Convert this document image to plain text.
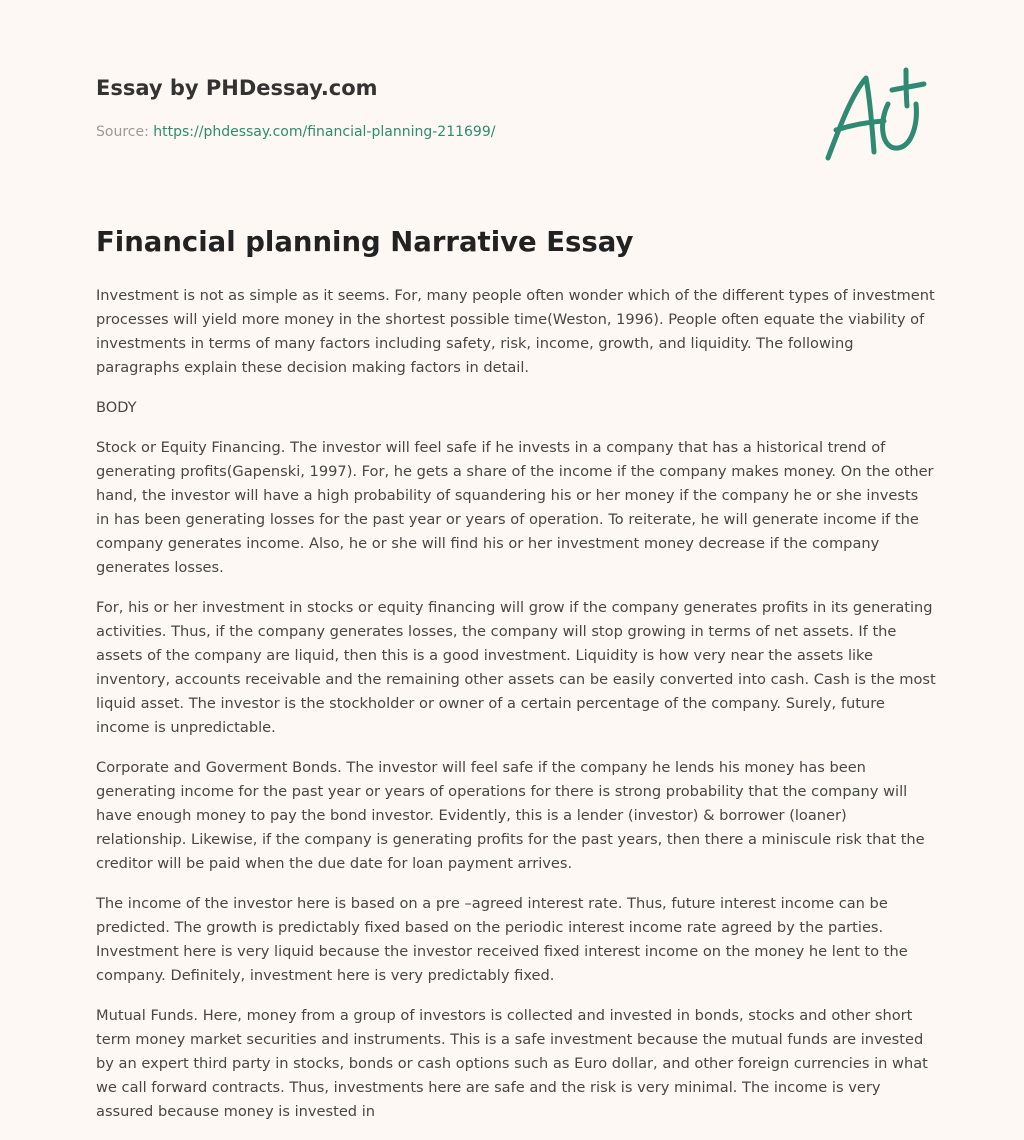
Essay by PHDessay.com
Source: https://phdessay.com/financial-planning-211699/
Financial planning Narrative Essay

Investment is not as simple as it seems. For, many people often wonder which of the different types of investment processes will yield more money in the shortest possible time(Weston, 1996). People often equate the viability of investments in terms of many factors including safety, risk, income, growth, and liquidity. The following paragraphs explain these decision making factors in detail.

BODY

Stock or Equity Financing. The investor will feel safe if he invests in a company that has a historical trend of generating profits(Gapenski, 1997). For, he gets a share of the income if the company makes money. On the other hand, the investor will have a high probability of squandering his or her money if the company he or she invests in has been generating losses for the past year or years of operation. To reiterate, he will generate income if the company generates income. Also, he or she will find his or her investment money decrease if the company generates losses.

For, his or her investment in stocks or equity financing will grow if the company generates profits in its generating activities. Thus, if the company generates losses, the company will stop growing in terms of net assets. If the assets of the company are liquid, then this is a good investment. Liquidity is how very near the assets like inventory, accounts receivable and the remaining other assets can be easily converted into cash. Cash is the most liquid asset. The investor is the stockholder or owner of a certain percentage of the company. Surely, future income is unpredictable.

Corporate and Goverment Bonds. The investor will feel safe if the company he lends his money has been generating income for the past year or years of operations for there is strong probability that the company will have enough money to pay the bond investor. Evidently, this is a lender (investor) & borrower (loaner) relationship. Likewise, if the company is generating profits for the past years, then there a miniscule risk that the creditor will be paid when the due date for loan payment arrives.

The income of the investor here is based on a pre –agreed interest rate. Thus, future interest income can be predicted. The growth is predictably fixed based on the periodic interest income rate agreed by the parties. Investment here is very liquid because the investor received fixed interest income on the money he lent to the company. Definitely, investment here is very predictably fixed.

Mutual Funds. Here, money from a group of investors is collected and invested in bonds, stocks and other short term money market securities and instruments. This is a safe investment because the mutual funds are invested by an expert third party in stocks, bonds or cash options such as Euro dollar, and other foreign currencies in what we call forward contracts. Thus, investments here are safe and the risk is very minimal. The income is very assured because money is invested in
